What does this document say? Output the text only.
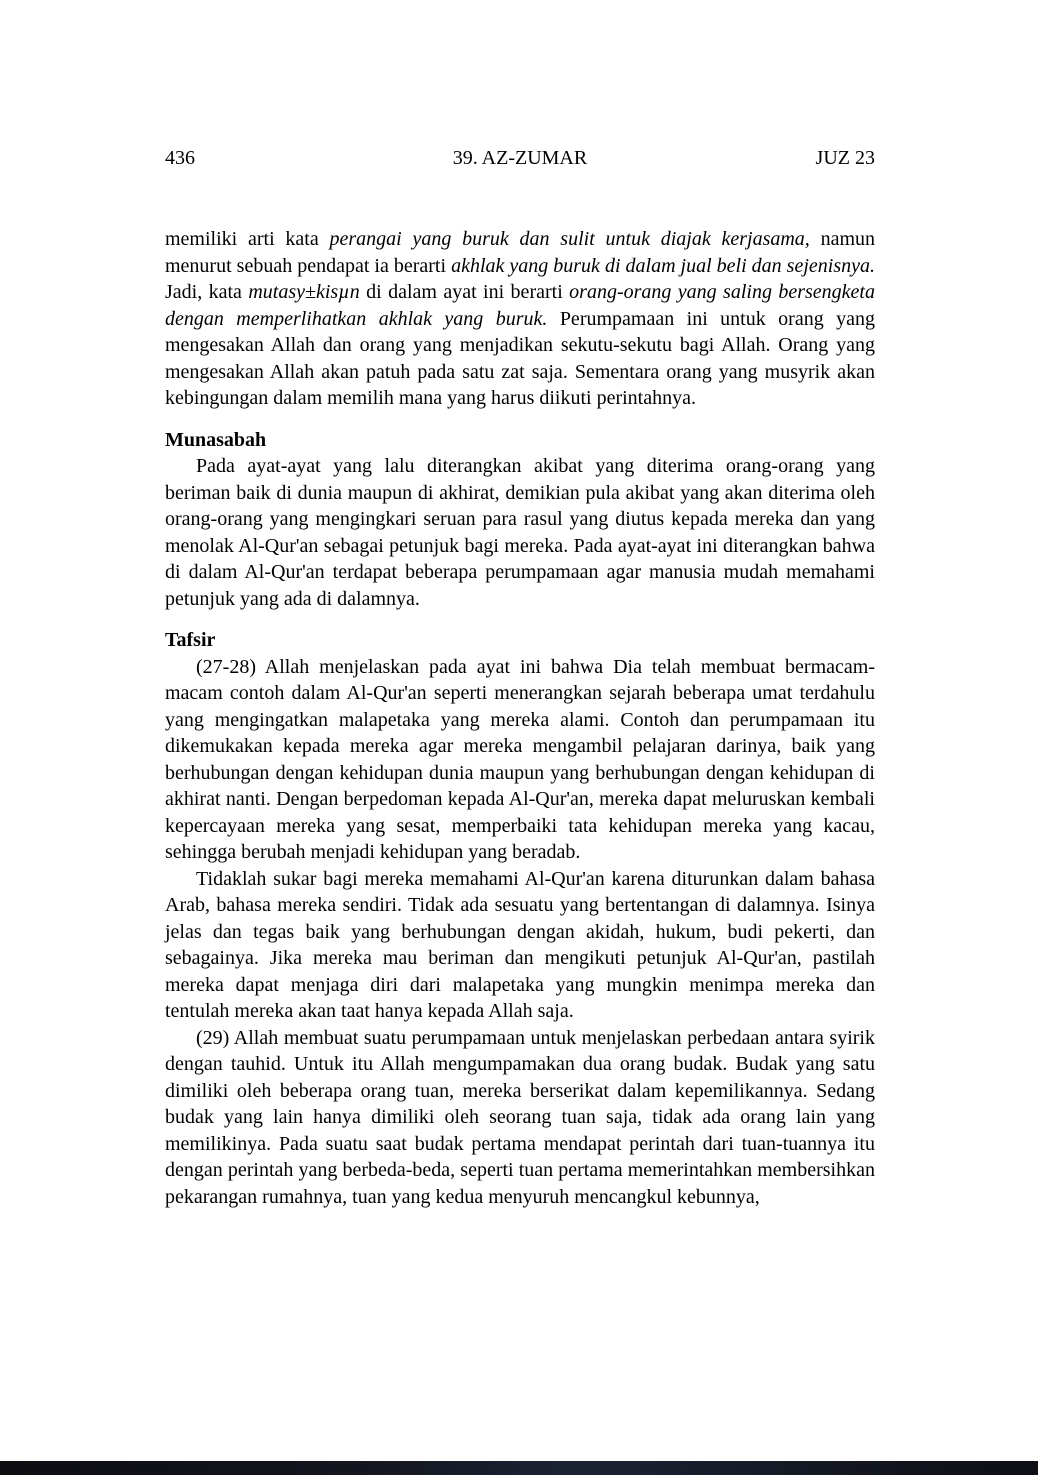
436	39. AZ-ZUMAR	JUZ 23

memiliki arti kata perangai yang buruk dan sulit untuk diajak kerjasama, namun menurut sebuah pendapat ia berarti akhlak yang buruk di dalam jual beli dan sejenisnya. Jadi, kata mutasy±kisµn di dalam ayat ini berarti orang-orang yang saling bersengketa dengan memperlihatkan akhlak yang buruk. Perumpamaan ini untuk orang yang mengesakan Allah dan orang yang menjadikan sekutu-sekutu bagi Allah. Orang yang mengesakan Allah akan patuh pada satu zat saja. Sementara orang yang musyrik akan kebingungan dalam memilih mana yang harus diikuti perintahnya.

Munasabah

Pada ayat-ayat yang lalu diterangkan akibat yang diterima orang-orang yang beriman baik di dunia maupun di akhirat, demikian pula akibat yang akan diterima oleh orang-orang yang mengingkari seruan para rasul yang diutus kepada mereka dan yang menolak Al-Qur'an sebagai petunjuk bagi mereka. Pada ayat-ayat ini diterangkan bahwa di dalam Al-Qur'an terdapat beberapa perumpamaan agar manusia mudah memahami petunjuk yang ada di dalamnya.

Tafsir

(27-28) Allah menjelaskan pada ayat ini bahwa Dia telah membuat bermacam-macam contoh dalam Al-Qur'an seperti menerangkan sejarah beberapa umat terdahulu yang mengingatkan malapetaka yang mereka alami. Contoh dan perumpamaan itu dikemukakan kepada mereka agar mereka mengambil pelajaran darinya, baik yang berhubungan dengan kehidupan dunia maupun yang berhubungan dengan kehidupan di akhirat nanti. Dengan berpedoman kepada Al-Qur'an, mereka dapat meluruskan kembali kepercayaan mereka yang sesat, memperbaiki tata kehidupan mereka yang kacau, sehingga berubah menjadi kehidupan yang beradab.

Tidaklah sukar bagi mereka memahami Al-Qur'an karena diturunkan dalam bahasa Arab, bahasa mereka sendiri. Tidak ada sesuatu yang bertentangan di dalamnya. Isinya jelas dan tegas baik yang berhubungan dengan akidah, hukum, budi pekerti, dan sebagainya. Jika mereka mau beriman dan mengikuti petunjuk Al-Qur'an, pastilah mereka dapat menjaga diri dari malapetaka yang mungkin menimpa mereka dan tentulah mereka akan taat hanya kepada Allah saja.

(29) Allah membuat suatu perumpamaan untuk menjelaskan perbedaan antara syirik dengan tauhid. Untuk itu Allah mengumpamakan dua orang budak. Budak yang satu dimiliki oleh beberapa orang tuan, mereka berserikat dalam kepemilikannya. Sedang budak yang lain hanya dimiliki oleh seorang tuan saja, tidak ada orang lain yang memilikinya. Pada suatu saat budak pertama mendapat perintah dari tuan-tuannya itu dengan perintah yang berbeda-beda, seperti tuan pertama memerintahkan membersihkan pekarangan rumahnya, tuan yang kedua menyuruh mencangkul kebunnya,
